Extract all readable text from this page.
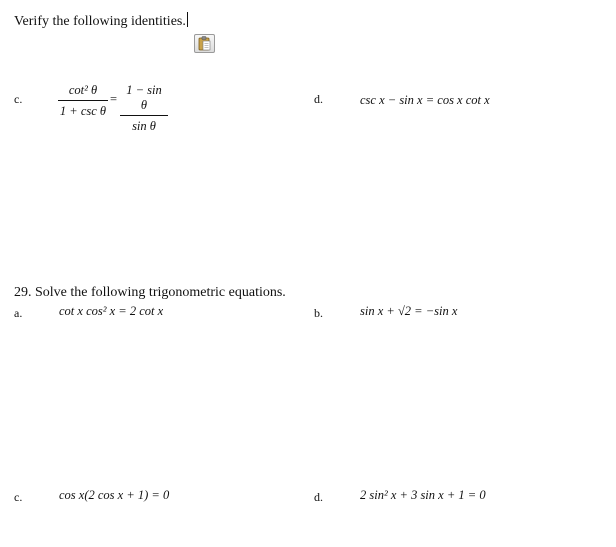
Verify the following identities.
c.
cot² θ
1 + csc θ
= $\frac{\text{1 − sin θ}}{\text{sin θ}}$	d.	csc x − sin x = cos x cot x
29. Solve the following trigonometric equations.
a.	cot x cos² x = 2 cot x	b.	sin x + √2 = −sin x
c.	cos x(2 cos x + 1) = 0	d.	2 sin² x + 3 sin x + 1 = 0
